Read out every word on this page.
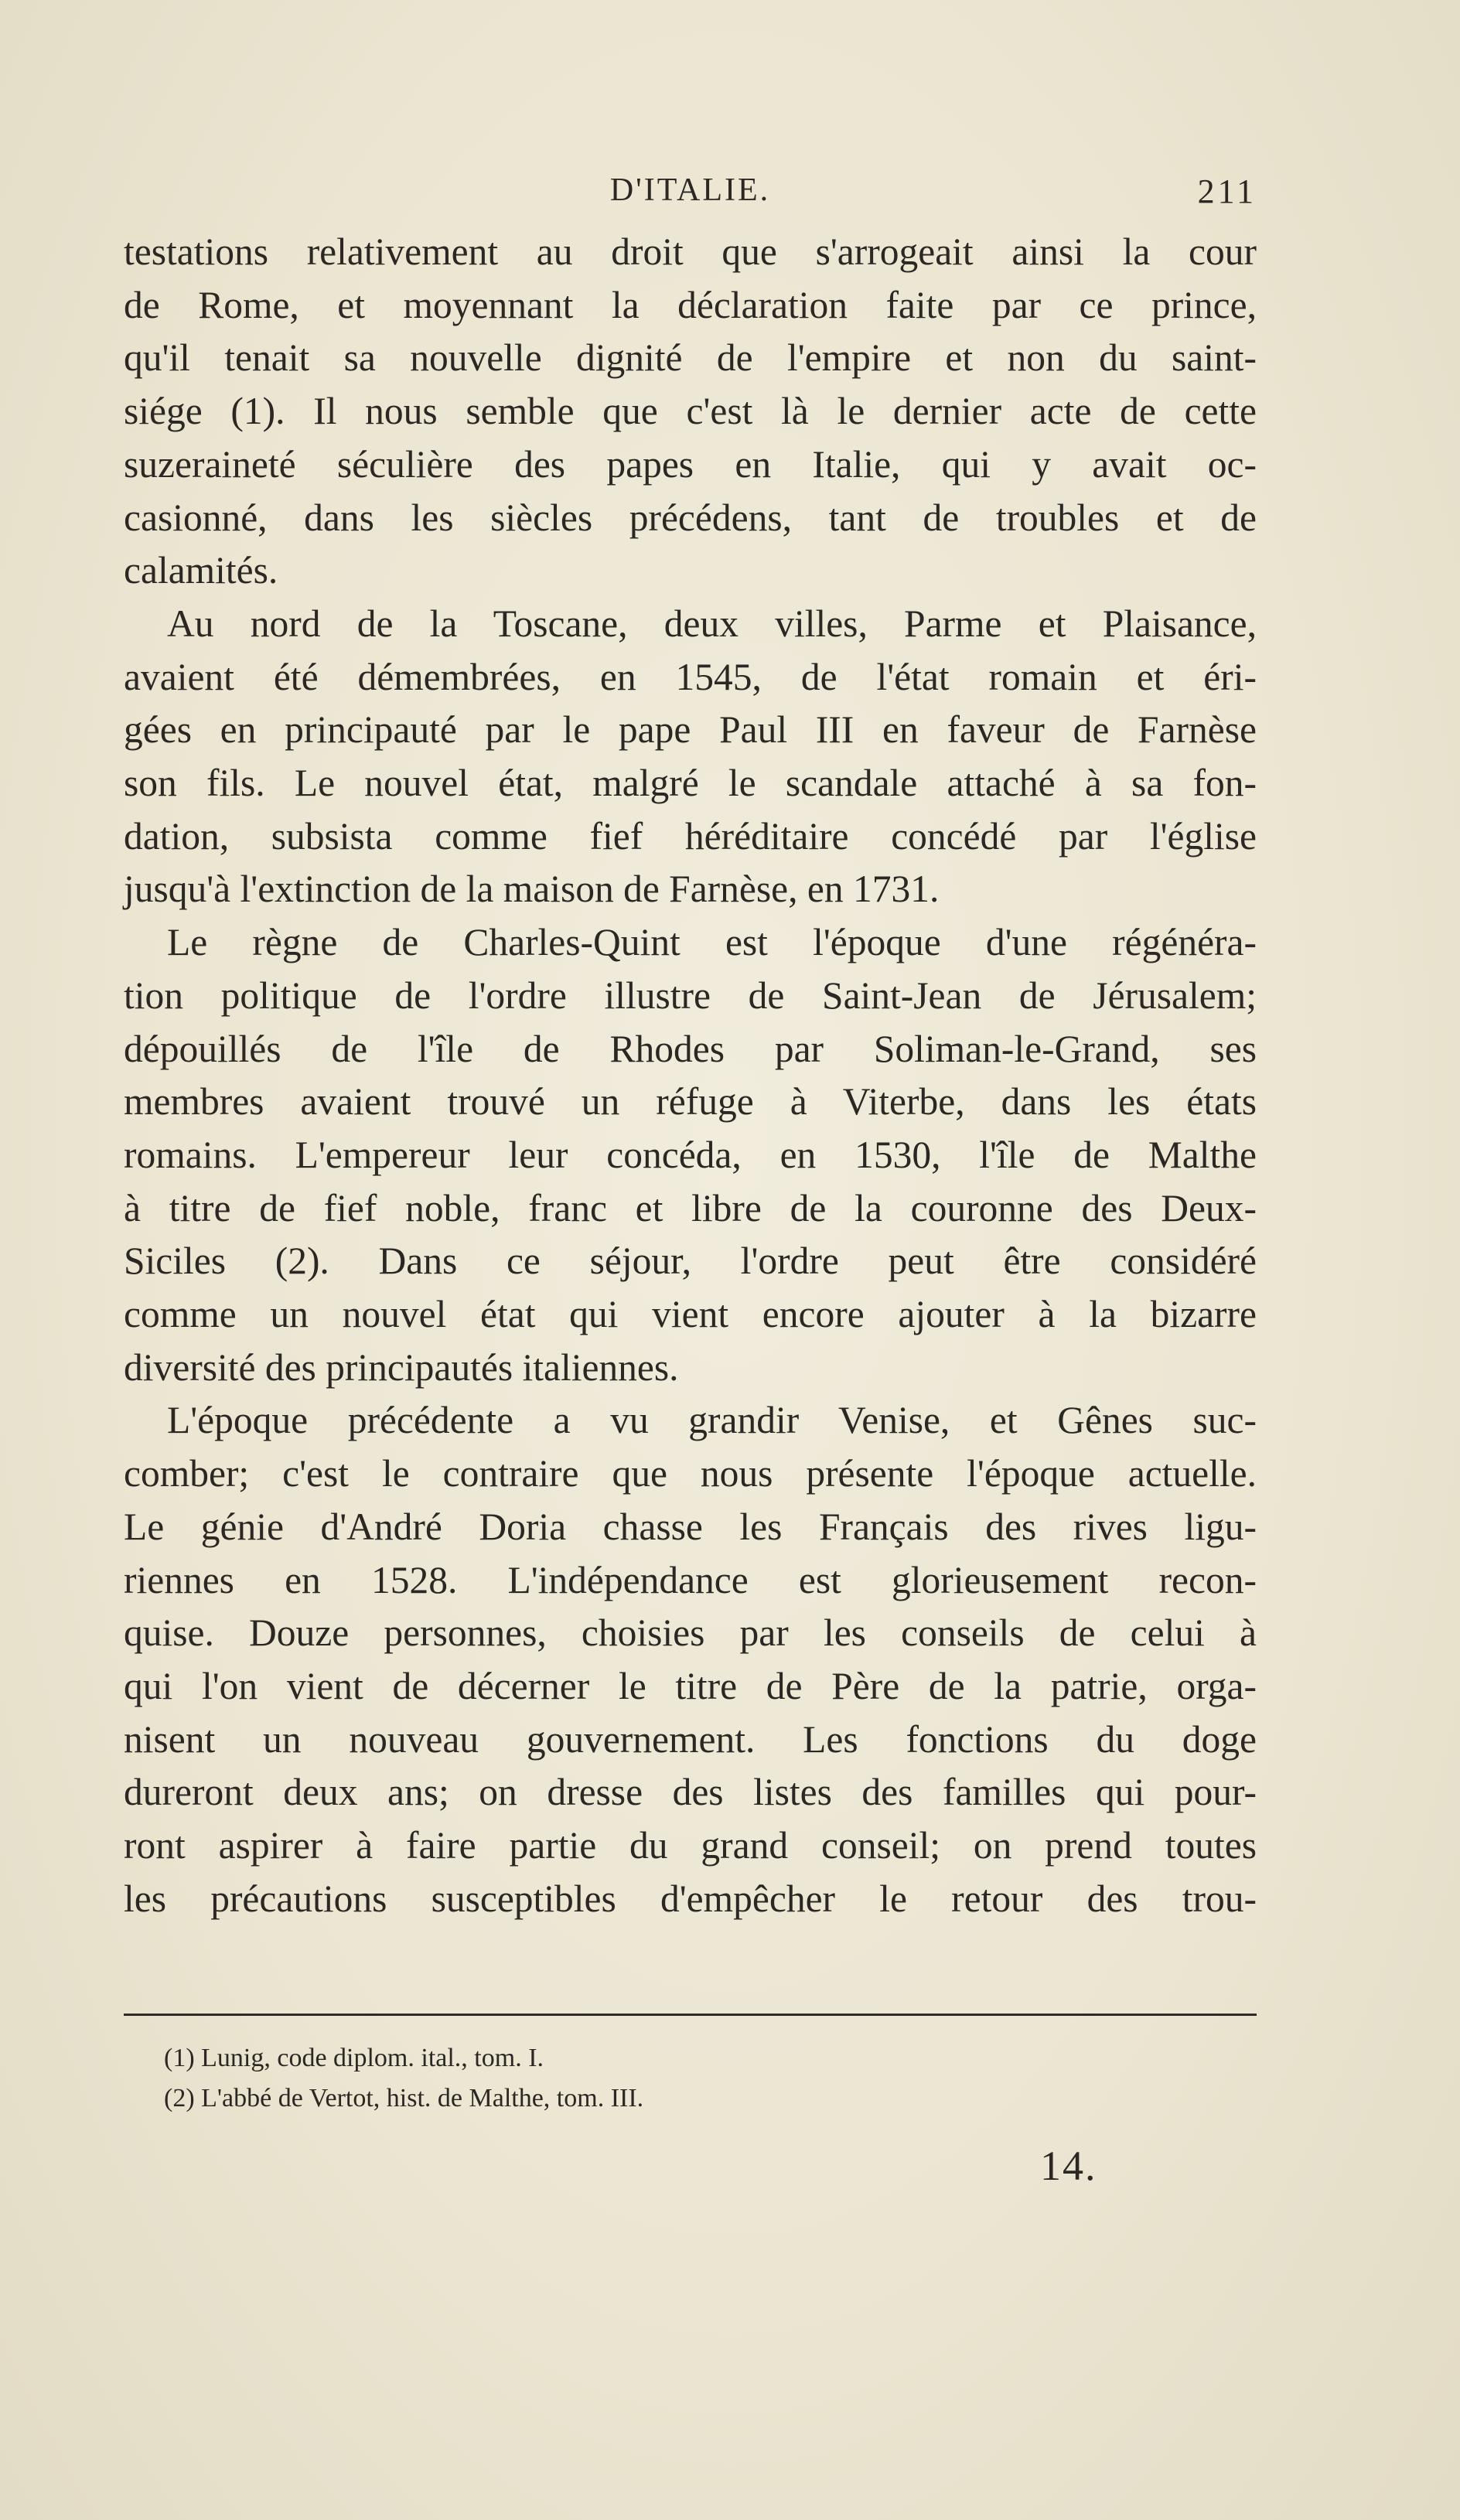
D'ITALIE.	211

testations relativement au droit que s'arrogeait ainsi la cour

de Rome, et moyennant la déclaration faite par ce prince,

qu'il tenait sa nouvelle dignité de l'empire et non du saint-

siége (1). Il nous semble que c'est là le dernier acte de cette

suzeraineté séculière des papes en Italie, qui y avait oc-

casionné, dans les siècles précédens, tant de troubles et de

calamités.

Au nord de la Toscane, deux villes, Parme et Plaisance,

avaient été démembrées, en 1545, de l'état romain et éri-

gées en principauté par le pape Paul III en faveur de Farnèse

son fils. Le nouvel état, malgré le scandale attaché à sa fon-

dation, subsista comme fief héréditaire concédé par l'église

jusqu'à l'extinction de la maison de Farnèse, en 1731.

Le règne de Charles-Quint est l'époque d'une régénéra-

tion politique de l'ordre illustre de Saint-Jean de Jérusalem;

dépouillés de l'île de Rhodes par Soliman-le-Grand, ses

membres avaient trouvé un réfuge à Viterbe, dans les états

romains. L'empereur leur concéda, en 1530, l'île de Malthe

à titre de fief noble, franc et libre de la couronne des Deux-

Siciles (2). Dans ce séjour, l'ordre peut être considéré

comme un nouvel état qui vient encore ajouter à la bizarre

diversité des principautés italiennes.

L'époque précédente a vu grandir Venise, et Gênes suc-

comber; c'est le contraire que nous présente l'époque actuelle.

Le génie d'André Doria chasse les Français des rives ligu-

riennes en 1528. L'indépendance est glorieusement recon-

quise. Douze personnes, choisies par les conseils de celui à

qui l'on vient de décerner le titre de Père de la patrie, orga-

nisent un nouveau gouvernement. Les fonctions du doge

dureront deux ans; on dresse des listes des familles qui pour-

ront aspirer à faire partie du grand conseil; on prend toutes

les précautions susceptibles d'empêcher le retour des trou-

(1) Lunig, code diplom. ital., tom. I.
(2) L'abbé de Vertot, hist. de Malthe, tom. III.
14.
